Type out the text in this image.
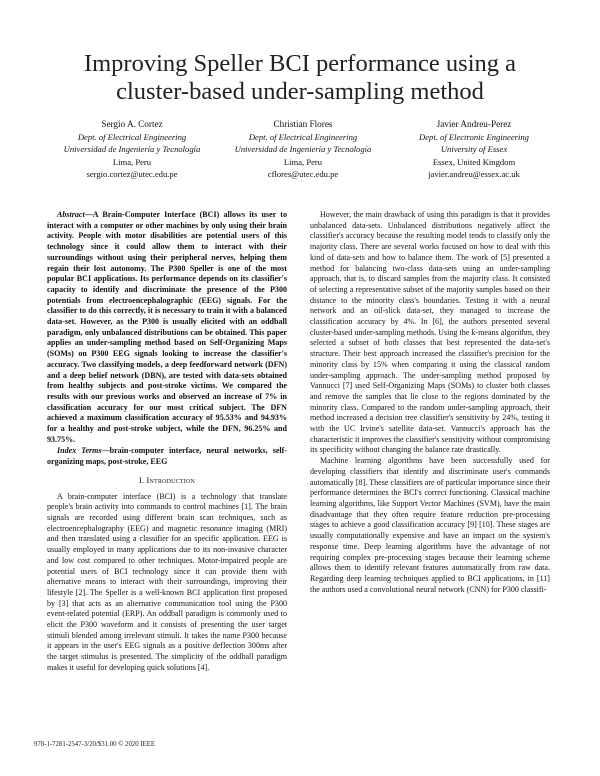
Improving Speller BCI performance using a
cluster-based under-sampling method
Sergio A. Cortez
Dept. of Electrical Engineering
Universidad de Ingeniería y Tecnología
Lima, Peru
sergio.cortez@utec.edu.pe
Christian Flores
Dept. of Electrical Engineering
Universidad de Ingeniería y Tecnología
Lima, Peru
cflores@utec.edu.pe
Javier Andreu-Perez
Dept. of Electronic Engineering
University of Essex
Essex, United Kingdom
javier.andreu@essex.ac.uk

Abstract—A Brain-Computer Interface (BCI) allows its user to interact with a computer or other machines by only using their brain activity. People with motor disabilities are potential users of this technology since it could allow them to interact with their surroundings without using their peripheral nerves, helping them regain their lost autonomy. The P300 Speller is one of the most popular BCI applications. Its performance depends on its classifier's capacity to identify and discriminate the presence of the P300 potentials from electroencephalographic (EEG) signals. For the classifier to do this correctly, it is necessary to train it with a balanced data-set. However, as the P300 is usually elicited with an oddball paradigm, only unbalanced distributions can be obtained. This paper applies an under-sampling method based on Self-Organizing Maps (SOMs) on P300 EEG signals looking to increase the classifier's accuracy. Two classifying models, a deep feedforward network (DFN) and a deep belief network (DBN), are tested with data-sets obtained from healthy subjects and post-stroke victims. We compared the results with our previous works and observed an increase of 7% in classification accuracy for our most critical subject. The DFN achieved a maximum classification accuracy of 95.53% and 94.93% for a healthy and post-stroke subject, while the DFN, 96.25% and 93.75%.

Index Terms—brain-computer interface, neural networks, self-organizing maps, post-stroke, EEG

I. Introduction

A brain-computer interface (BCI) is a technology that translate people's brain activity into commands to control machines [1]. The brain signals are recorded using different brain scan techniques, such as electroencephalography (EEG) and magnetic resonance imaging (MRI) and then translated using a classifier for an specific application. EEG is usually employed in many applications due to its non-invasive character and low cost compared to other techniques. Motor-impaired people are potential users of BCI technology since it can provide them with alternative means to interact with their surroundings, improving their lifestyle [2]. The Speller is a well-known BCI application first proposed by [3] that acts as an alternative communication tool using the P300 event-related potential (ERP). An oddball paradigm is commonly used to elicit the P300 waveform and it consists of presenting the user target stimuli blended among irrelevant stimuli. It takes the name P300 because it appears in the user's EEG signals as a positive deflection 300ms after the target stimulus is presented. The simplicity of the oddball paradigm makes it useful for developing quick solutions [4].

However, the main drawback of using this paradigm is that it provides unbalanced data-sets. Unbalanced distributions negatively affect the classifier's accuracy because the resulting model tends to classify only the majority class. There are several works focused on how to deal with this kind of data-sets and how to balance them. The work of [5] presented a method for balancing two-class data-sets using an under-sampling approach, that is, to discard samples from the majority class. It consisted of selecting a representative subset of the majority samples based on their distance to the minority class's boundaries. Testing it with a neural network and an oil-slick data-set, they managed to increase the classification accuracy by 4%. In [6], the authors presented several cluster-based under-sampling methods. Using the k-means algorithm, they selected a subset of both classes that best represented the data-set's structure. Their best approach increased the classifier's precision for the minority class by 15% when comparing it using the classical random under-sampling approach. The under-sampling method proposed by Vannucci [7] used Self-Organizing Maps (SOMs) to cluster both classes and remove the samples that lie close to the regions dominated by the minority class. Compared to the random under-sampling approach, their method increased a decision tree classifier's sensitivity by 24%, testing it with the UC Irvine's satellite data-set. Vannucci's approach has the characteristic it improves the classifier's sensitivity without compromising its specificity without changing the balance rate drastically.

Machine learning algorithms have been successfully used for developing classifiers that identify and discriminate user's commands automatically [8]. These classifiers are of particular importance since their performance determines the BCI's correct functioning. Classical machine learning algorithms, like Support Vector Machines (SVM), have the main disadvantage that they often require feature reduction pre-processing stages to achieve a good classification accuracy [9] [10]. These stages are usually computationally expensive and have an impact on the system's response time. Deep learning algorithms have the advantage of not requiring complex pre-processing stages because their learning scheme allows them to identify relevant features automatically from raw data. Regarding deep learning techniques applied to BCI applications, in [11] the authors used a convolutional neural network (CNN) for P300 classifi-

978-1-7281-2547-3/20/$31.00 © 2020 IEEE
